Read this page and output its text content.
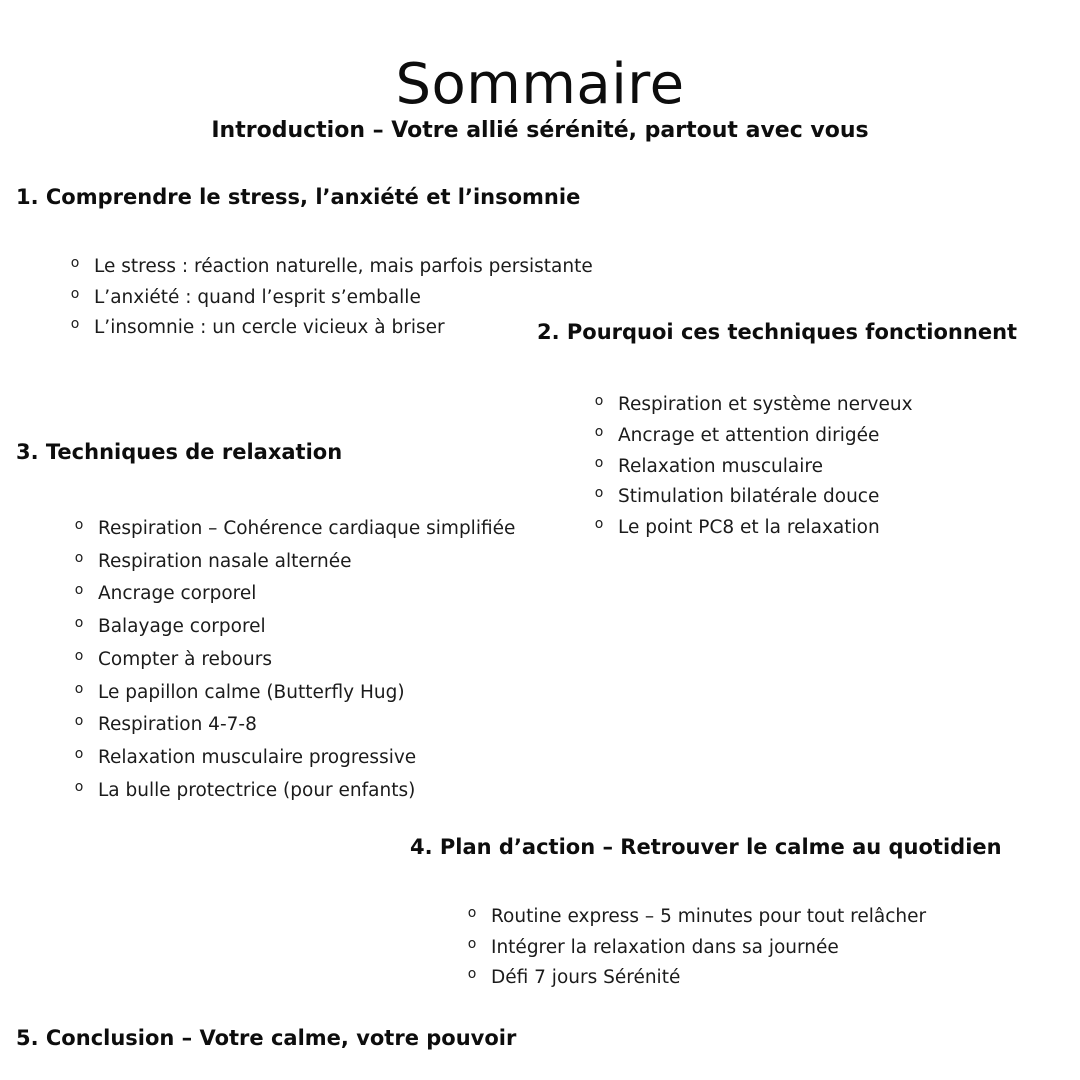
Sommaire
Introduction – Votre allié sérénité, partout avec vous
1. Comprendre le stress, l’anxiété et l’insomnie
o Le stress : réaction naturelle, mais parfois persistante
o L’anxiété : quand l’esprit s’emballe
o L’insomnie : un cercle vicieux à briser	2. Pourquoi ces techniques fonctionnent
o Respiration et système nerveux
o Ancrage et attention dirigée
o Relaxation musculaire
o Stimulation bilatérale douce
o Le point PC8 et la relaxation
3. Techniques de relaxation
o Respiration – Cohérence cardiaque simplifiée
o Respiration nasale alternée
o Ancrage corporel
o Balayage corporel
o Compter à rebours
o Le papillon calme (Butterfly Hug)
o Respiration 4-7-8
o Relaxation musculaire progressive
o La bulle protectrice (pour enfants)
4. Plan d’action – Retrouver le calme au quotidien
o Routine express – 5 minutes pour tout relâcher
o Intégrer la relaxation dans sa journée
o Défi 7 jours Sérénité
5. Conclusion – Votre calme, votre pouvoir
